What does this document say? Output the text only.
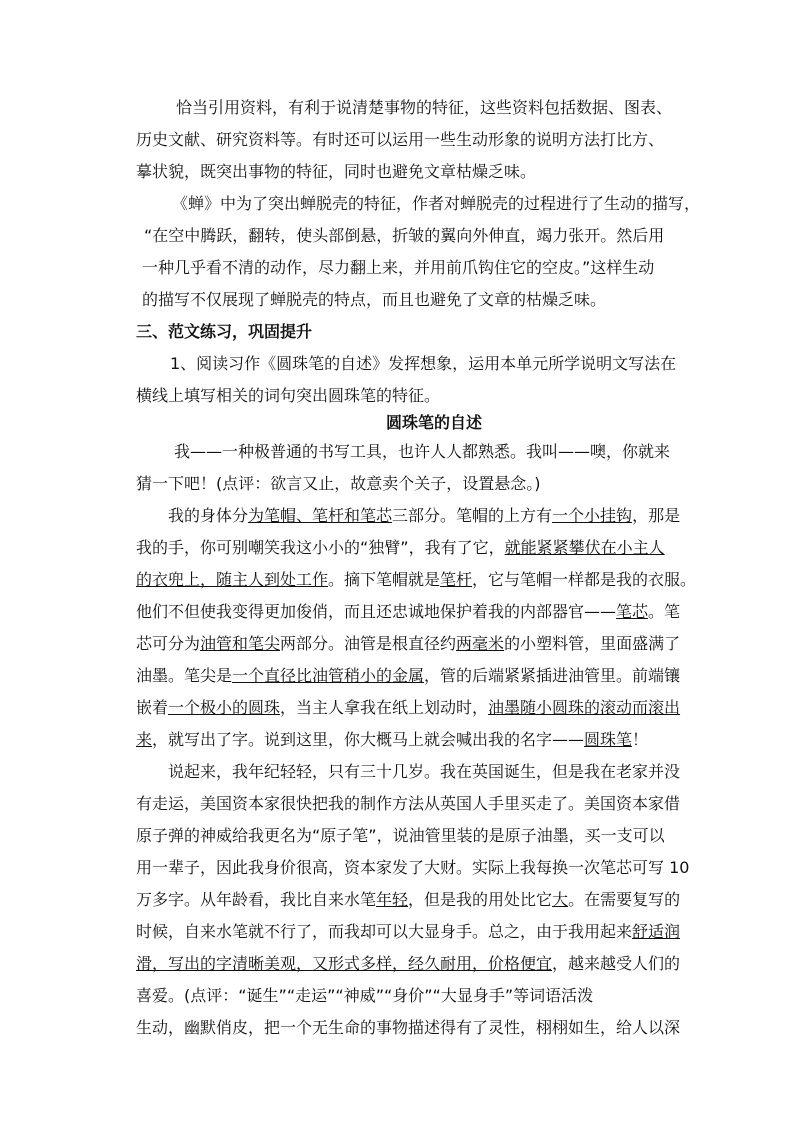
恰当引用资料，有利于说清楚事物的特征，这些资料包括数据、图表、
历史文献、研究资料等。有时还可以运用一些生动形象的说明方法打比方、
摹状貌，既突出事物的特征，同时也避免文章枯燥乏味。
《蝉》中为了突出蝉脱壳的特征，作者对蝉脱壳的过程进行了生动的描写，
“在空中腾跃，翻转，使头部倒悬，折皱的翼向外伸直，竭力张开。然后用
一种几乎看不清的动作，尽力翻上来，并用前爪钩住它的空皮。”这样生动
的描写不仅展现了蝉脱壳的特点，而且也避免了文章的枯燥乏味。
三、范文练习，巩固提升
1、阅读习作《圆珠笔的自述》发挥想象，运用本单元所学说明文写法在
横线上填写相关的词句突出圆珠笔的特征。
圆珠笔的自述
我——一种极普通的书写工具，也许人人都熟悉。我叫——噢，你就来
猜一下吧！(点评：欲言又止，故意卖个关子，设置悬念。)
我的身体分为笔帽、笔杆和笔芯三部分。笔帽的上方有一个小挂钩，那是
我的手，你可别嘲笑我这小小的“独臂”，我有了它，就能紧紧攀伏在小主人
的衣兜上，随主人到处工作。摘下笔帽就是笔杆，它与笔帽一样都是我的衣服。
他们不但使我变得更加俊俏，而且还忠诚地保护着我的内部器官——笔芯。笔
芯可分为油管和笔尖两部分。油管是根直径约两毫米的小塑料管，里面盛满了
油墨。笔尖是一个直径比油管稍小的金属，管的后端紧紧插进油管里。前端镶
嵌着一个极小的圆珠，当主人拿我在纸上划动时，油墨随小圆珠的滚动而滚出
来，就写出了字。说到这里，你大概马上就会喊出我的名字——圆珠笔！
说起来，我年纪轻轻，只有三十几岁。我在英国诞生，但是我在老家并没
有走运，美国资本家很快把我的制作方法从英国人手里买走了。美国资本家借
原子弹的神威给我更名为“原子笔”，说油管里装的是原子油墨，买一支可以
用一辈子，因此我身价很高，资本家发了大财。实际上我每换一次笔芯可写 10
万多字。从年龄看，我比自来水笔年轻，但是我的用处比它大。在需要复写的
时候，自来水笔就不行了，而我却可以大显身手。总之，由于我用起来舒适润
滑，写出的字清晰美观，又形式多样，经久耐用，价格便宜，越来越受人们的
喜爱。(点评：“诞生”“走运”“神威”“身价”“大显身手”等词语活泼
生动，幽默俏皮，把一个无生命的事物描述得有了灵性，栩栩如生，给人以深
